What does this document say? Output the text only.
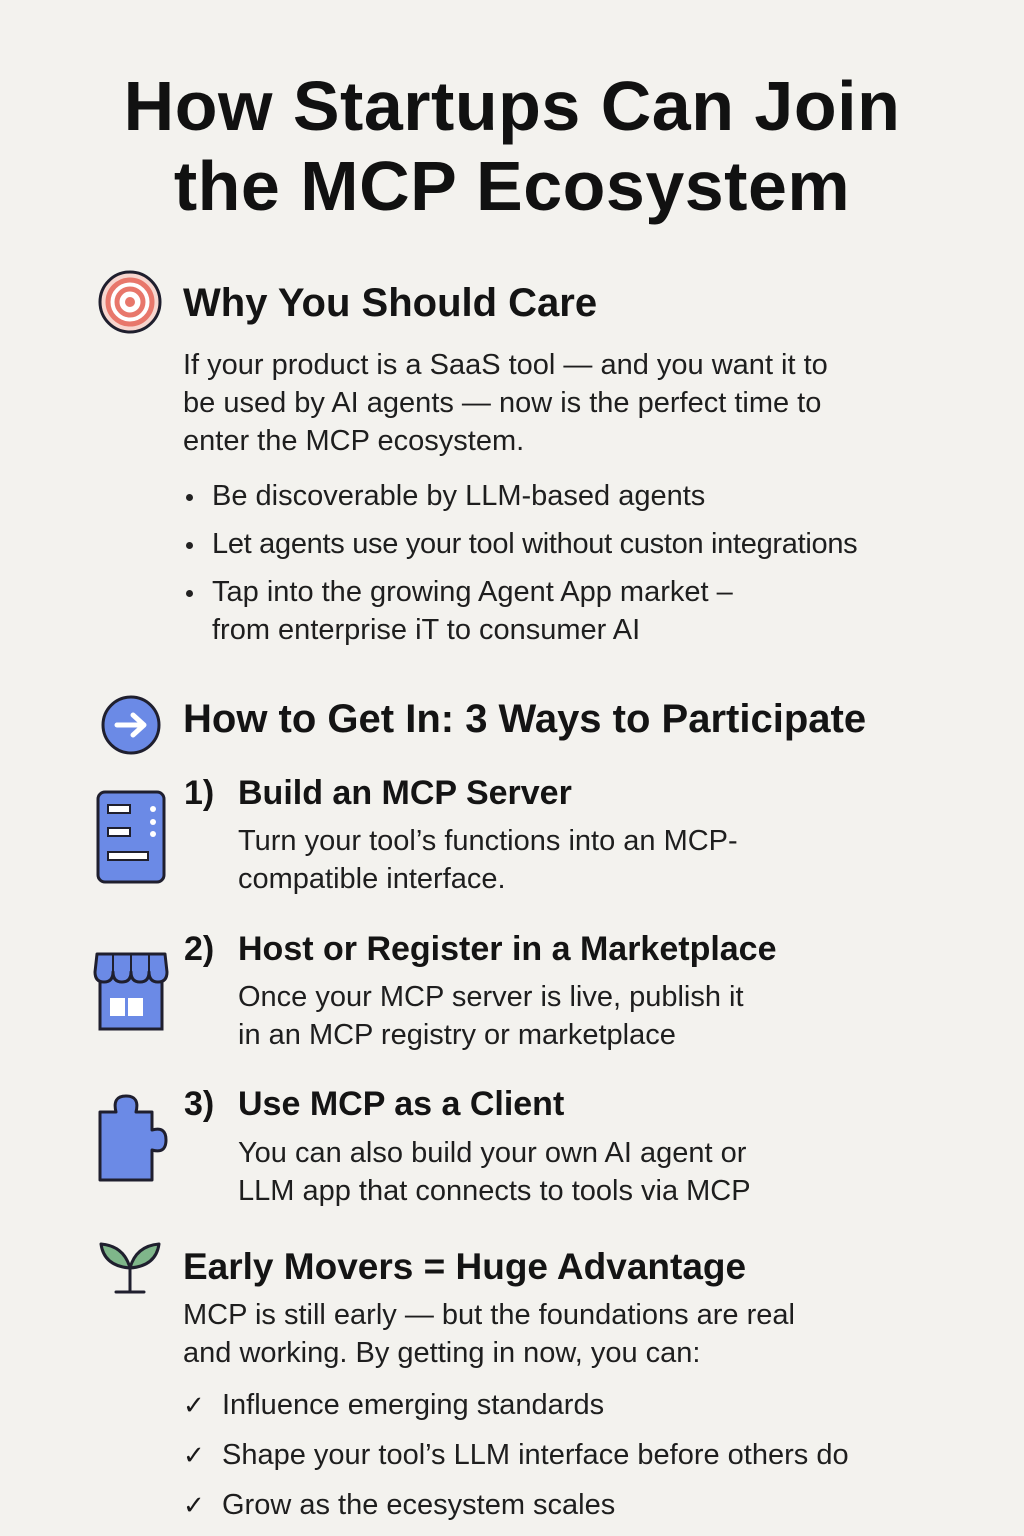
How Startups Can Join
the MCP Ecosystem
Why You Should Care
If your product is a SaaS tool — and you want it to
be used by AI agents — now is the perfect time to
enter the MCP ecosystem.
Be discoverable by LLM-based agents
Let agents use your tool without custon integrations
Tap into the growing Agent App market –
from enterprise iT to consumer AI
How to Get In: 3 Ways to Participate
1) Build an MCP Server
Turn your tool’s functions into an MCP-
compatible interface.
2) Host or Register in a Marketplace
Once your MCP server is live, publish it
in an MCP registry or marketplace
3) Use MCP as a Client
You can also build your own AI agent or
LLM app that connects to tools via MCP
Early Movers = Huge Advantage
MCP is still early — but the foundations are real
and working. By getting in now, you can:
✓ Influence emerging standards
✓ Shape your tool’s LLM interface before others do
✓ Grow as the ecesystem scales
